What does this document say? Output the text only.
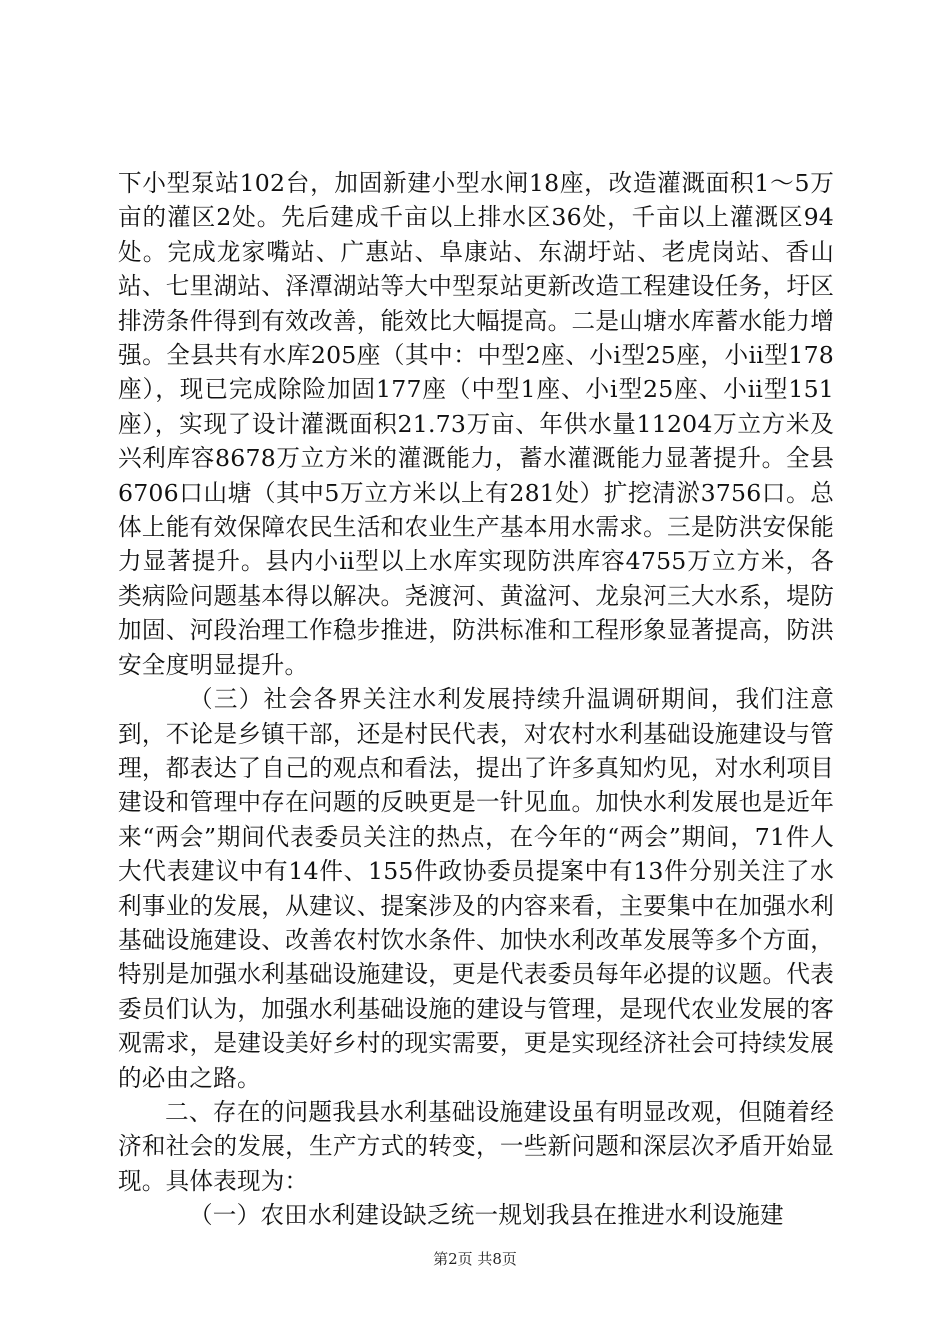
下小型泵站102台，加固新建小型水闸18座，改造灌溉面积1～5万亩的灌区2处。先后建成千亩以上排水区36处，千亩以上灌溉区94处。完成龙家嘴站、广惠站、阜康站、东湖圩站、老虎岗站、香山站、七里湖站、泽潭湖站等大中型泵站更新改造工程建设任务，圩区排涝条件得到有效改善，能效比大幅提高。二是山塘水库蓄水能力增强。全县共有水库205座（其中：中型2座、小ⅰ型25座，小ⅱ型178座），现已完成除险加固177座（中型1座、小ⅰ型25座、小ⅱ型151座），实现了设计灌溉面积21.73万亩、年供水量11204万立方米及兴利库容8678万立方米的灌溉能力，蓄水灌溉能力显著提升。全县6706口山塘（其中5万立方米以上有281处）扩挖清淤3756口。总体上能有效保障农民生活和农业生产基本用水需求。三是防洪安保能力显著提升。县内小ⅱ型以上水库实现防洪库容4755万立方米，各类病险问题基本得以解决。尧渡河、黄湓河、龙泉河三大水系，堤防加固、河段治理工作稳步推进，防洪标准和工程形象显著提高，防洪安全度明显提升。

（三）社会各界关注水利发展持续升温调研期间，我们注意到，不论是乡镇干部，还是村民代表，对农村水利基础设施建设与管理，都表达了自己的观点和看法，提出了许多真知灼见，对水利项目建设和管理中存在问题的反映更是一针见血。加快水利发展也是近年来“两会”期间代表委员关注的热点，在今年的“两会”期间，71件人大代表建议中有14件、155件政协委员提案中有13件分别关注了水利事业的发展，从建议、提案涉及的内容来看，主要集中在加强水利基础设施建设、改善农村饮水条件、加快水利改革发展等多个方面，特别是加强水利基础设施建设，更是代表委员每年必提的议题。代表委员们认为，加强水利基础设施的建设与管理，是现代农业发展的客观需求，是建设美好乡村的现实需要，更是实现经济社会可持续发展的必由之路。

二、存在的问题我县水利基础设施建设虽有明显改观，但随着经济和社会的发展，生产方式的转变，一些新问题和深层次矛盾开始显现。具体表现为：

（一）农田水利建设缺乏统一规划我县在推进水利设施建

第2页 共8页
